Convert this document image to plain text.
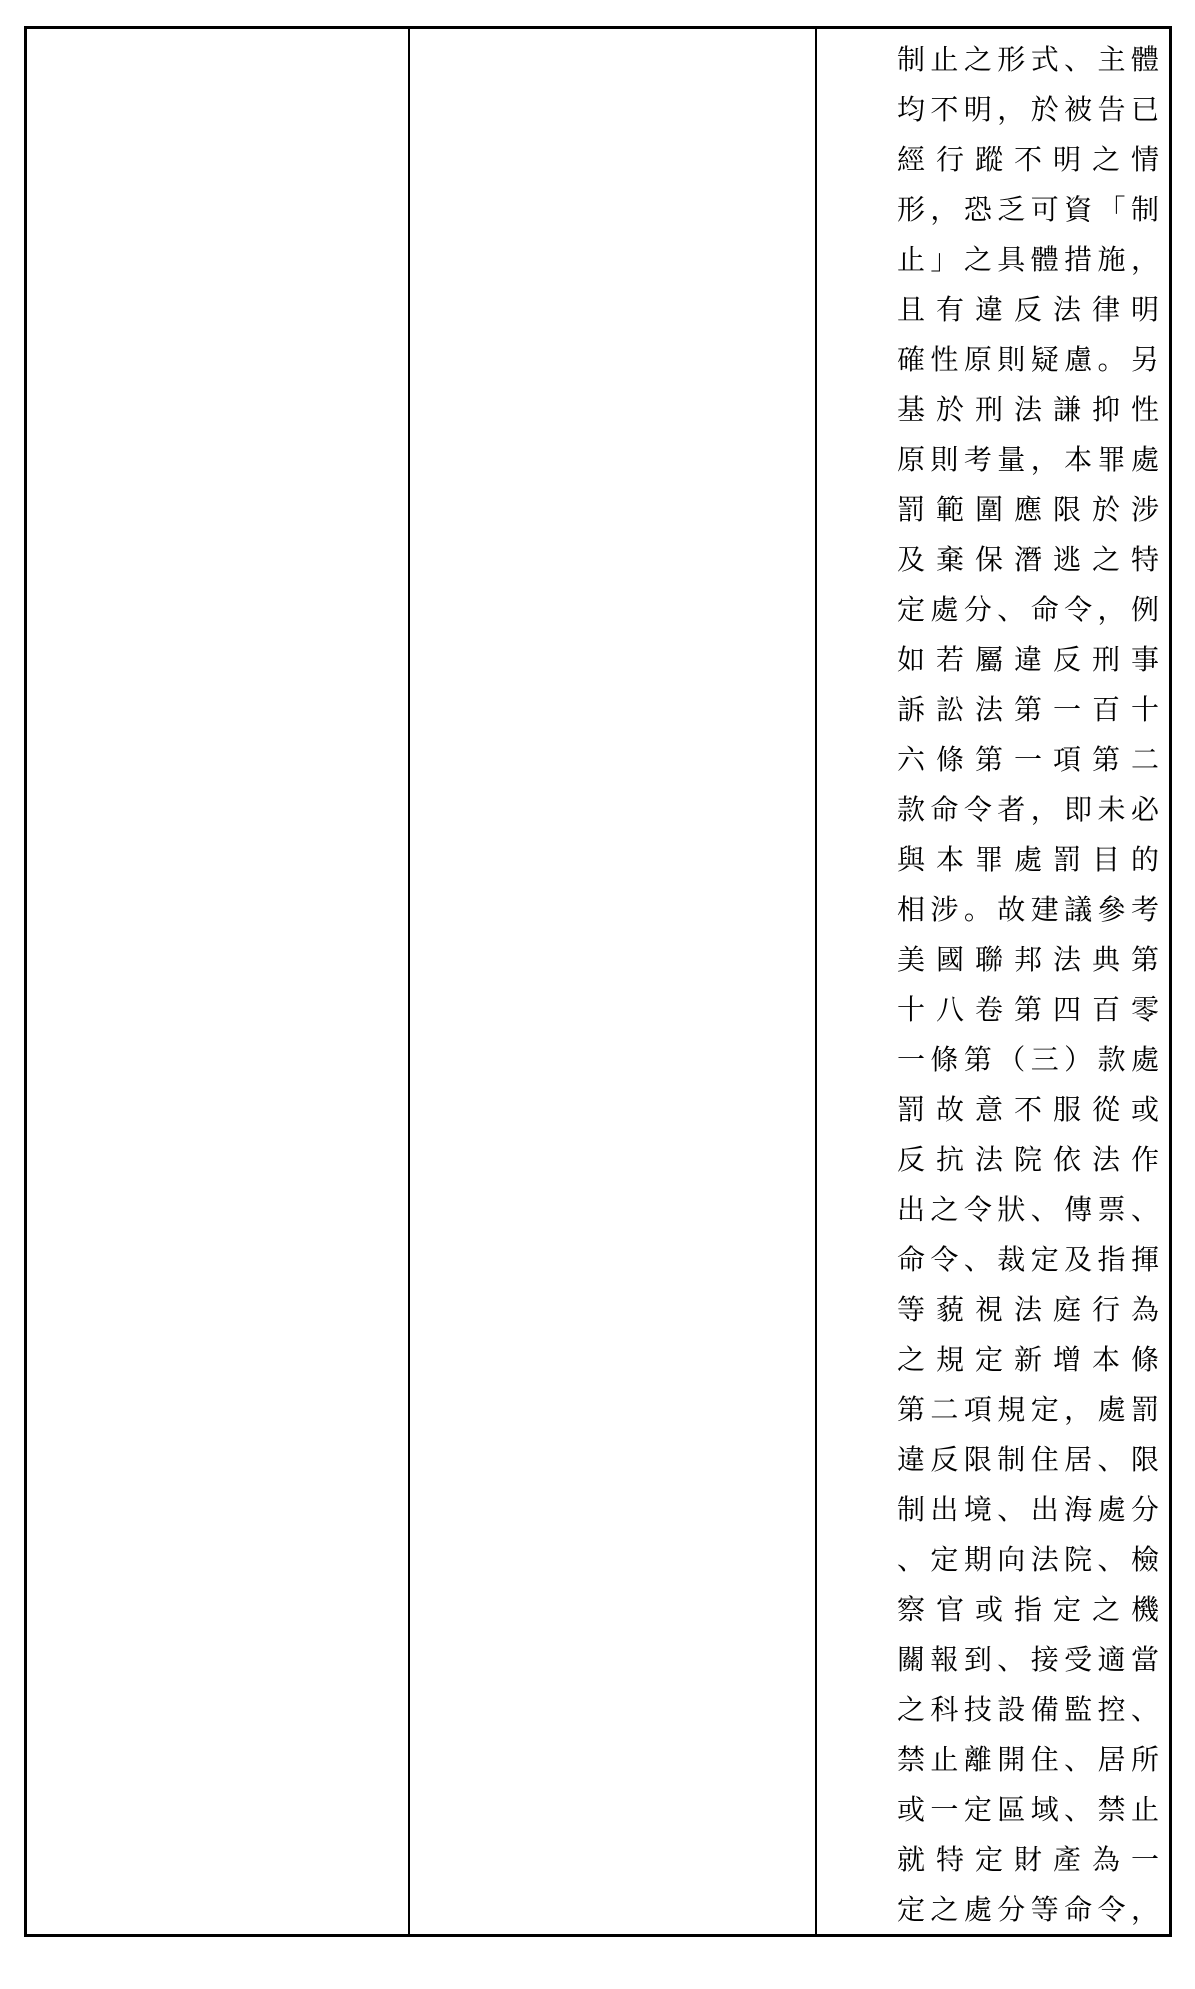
制止之形式、主體
均不明，於被告已
經行蹤不明之情
形，恐乏可資「制
止」之具體措施，
且有違反法律明
確性原則疑慮。另
基於刑法謙抑性
原則考量，本罪處
罰範圍應限於涉
及棄保潛逃之特
定處分、命令，例
如若屬違反刑事
訴訟法第一百十
六條第一項第二
款命令者，即未必
與本罪處罰目的
相涉。故建議參考
美國聯邦法典第
十八卷第四百零
一條第（三）款處
罰故意不服從或
反抗法院依法作
出之令狀、傳票、
命令、裁定及指揮
等藐視法庭行為
之規定新增本條
第二項規定，處罰
違反限制住居、限
制出境、出海處分
、定期向法院、檢
察官或指定之機
關報到、接受適當
之科技設備監控、
禁止離開住、居所
或一定區域、禁止
就特定財產為一
定之處分等命令，
